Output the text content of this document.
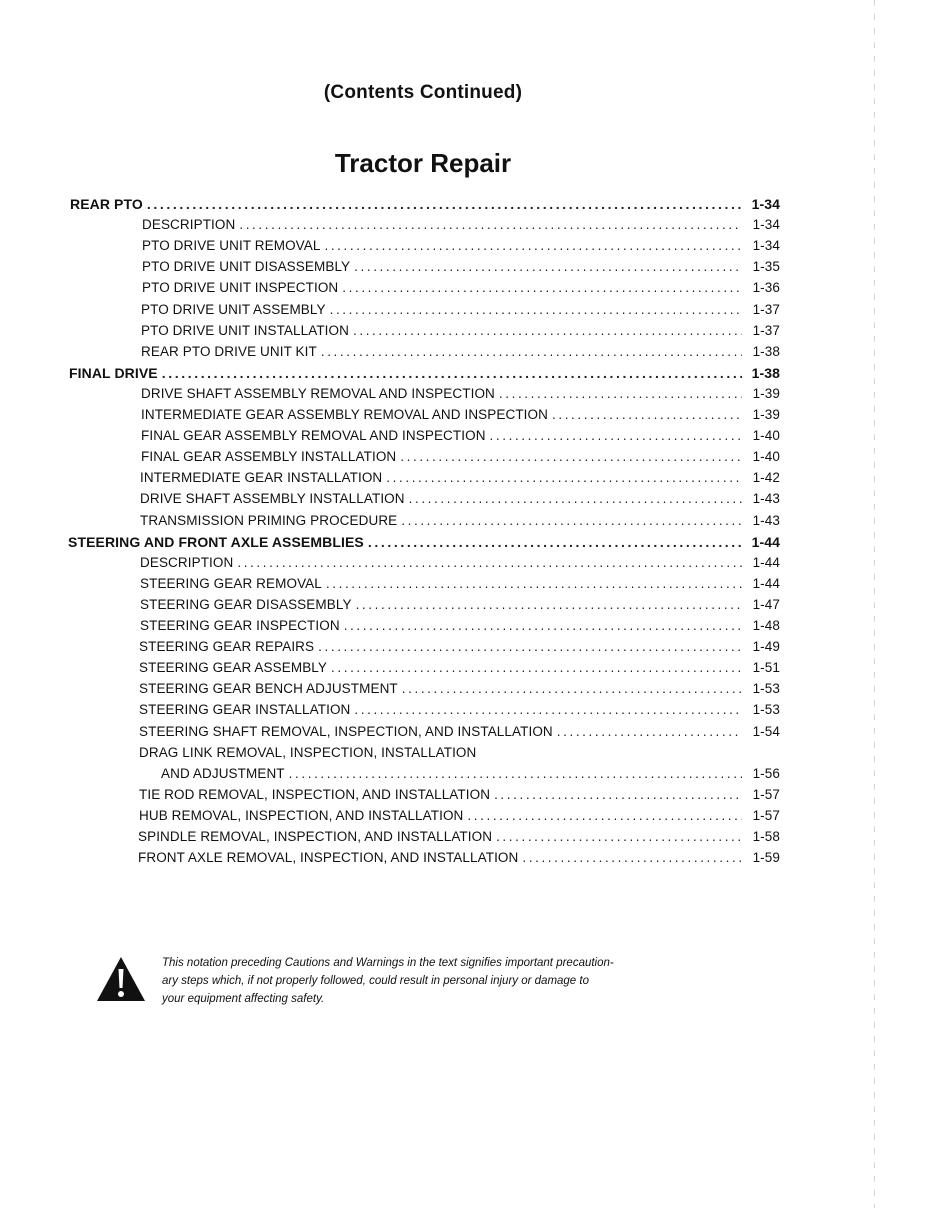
(Contents Continued)
Tractor Repair
REAR PTO .....	1-34
DESCRIPTION .....	1-34
PTO DRIVE UNIT REMOVAL .....	1-34
PTO DRIVE UNIT DISASSEMBLY .....	1-35
PTO DRIVE UNIT INSPECTION .....	1-36
PTO DRIVE UNIT ASSEMBLY .....	1-37
PTO DRIVE UNIT INSTALLATION .....	1-37
REAR PTO DRIVE UNIT KIT .....	1-38
FINAL DRIVE .....	1-38
DRIVE SHAFT ASSEMBLY REMOVAL AND INSPECTION .....	1-39
INTERMEDIATE GEAR ASSEMBLY REMOVAL AND INSPECTION .....	1-39
FINAL GEAR ASSEMBLY REMOVAL AND INSPECTION .....	1-40
FINAL GEAR ASSEMBLY INSTALLATION .....	1-40
INTERMEDIATE GEAR INSTALLATION .....	1-42
DRIVE SHAFT ASSEMBLY INSTALLATION .....	1-43
TRANSMISSION PRIMING PROCEDURE .....	1-43
STEERING AND FRONT AXLE ASSEMBLIES .....	1-44
DESCRIPTION .....	1-44
STEERING GEAR REMOVAL .....	1-44
STEERING GEAR DISASSEMBLY .....	1-47
STEERING GEAR INSPECTION .....	1-48
STEERING GEAR REPAIRS .....	1-49
STEERING GEAR ASSEMBLY .....	1-51
STEERING GEAR BENCH ADJUSTMENT .....	1-53
STEERING GEAR INSTALLATION .....	1-53
STEERING SHAFT REMOVAL, INSPECTION, AND INSTALLATION .....	1-54
DRAG LINK REMOVAL, INSPECTION, INSTALLATION
AND ADJUSTMENT .....	1-56
TIE ROD REMOVAL, INSPECTION, AND INSTALLATION .....	1-57
HUB REMOVAL, INSPECTION, AND INSTALLATION .....	1-57
SPINDLE REMOVAL, INSPECTION, AND INSTALLATION .....	1-58
FRONT AXLE REMOVAL, INSPECTION, AND INSTALLATION .....	1-59
This notation preceding Cautions and Warnings in the text signifies important precaution-
ary steps which, if not properly followed, could result in personal injury or damage to
your equipment affecting safety.
